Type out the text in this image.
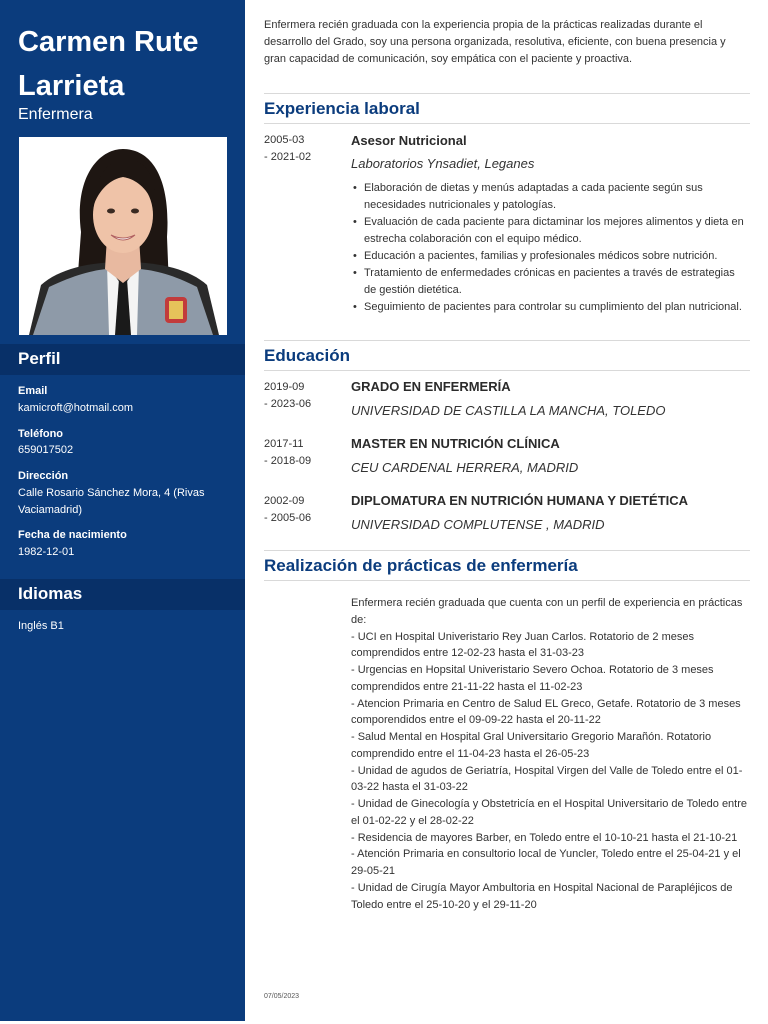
Carmen Rute Larrieta
Enfermera
Perfil
Email
kamicroft@hotmail.com
Teléfono
659017502
Dirección
Calle Rosario Sánchez Mora, 4 (Rivas Vaciamadrid)
Fecha de nacimiento
1982-12-01
Idiomas
Inglés B1
Enfermera recién graduada con la experiencia propia de la prácticas realizadas durante el desarrollo del Grado, soy una persona organizada, resolutiva, eficiente, con buena presencia y gran capacidad de comunicación, soy empática con el paciente y proactiva.
Experiencia laboral
2005-03
- 2021-02
Asesor Nutricional
Laboratorios Ynsadiet, Leganes
• Elaboración de dietas y menús adaptadas a cada paciente según sus necesidades nutricionales y patologías.
• Evaluación de cada paciente para dictaminar los mejores alimentos y dieta en estrecha colaboración con el equipo médico.
• Educación a pacientes, familias y profesionales médicos sobre nutrición.
• Tratamiento de enfermedades crónicas en pacientes a través de estrategias de gestión dietética.
• Seguimiento de pacientes para controlar su cumplimiento del plan nutricional.
Educación
2019-09
- 2023-06
GRADO EN ENFERMERÍA
UNIVERSIDAD DE CASTILLA LA MANCHA, TOLEDO
2017-11
- 2018-09
MASTER EN NUTRICIÓN CLÍNICA
CEU CARDENAL HERRERA, MADRID
2002-09
- 2005-06
DIPLOMATURA EN NUTRICIÓN HUMANA Y DIETÉTICA
UNIVERSIDAD COMPLUTENSE , MADRID
Realización de prácticas de enfermería
Enfermera recién graduada que cuenta con un perfil de experiencia en prácticas de:
- UCI en Hospital Univeristario Rey Juan Carlos. Rotatorio de 2 meses comprendidos entre 12-02-23 hasta el 31-03-23
- Urgencias en Hopsital Univeristario Severo Ochoa. Rotatorio de 3 meses comprendidos entre 21-11-22 hasta el 11-02-23
- Atencion Primaria en Centro de Salud EL Greco, Getafe. Rotatorio de 3 meses comporendidos entre el 09-09-22 hasta el 20-11-22
- Salud Mental en Hospital Gral Universitario Gregorio Marañón. Rotatorio comprendido entre el 11-04-23 hasta el 26-05-23
- Unidad de agudos de Geriatría, Hospital Virgen del Valle de Toledo entre el 01-03-22 hasta el 31-03-22
- Unidad de Ginecología y Obstetricía en el Hospital Universitario de Toledo entre el 01-02-22 y el 28-02-22
- Residencia de mayores Barber, en Toledo entre el 10-10-21 hasta el 21-10-21
- Atención Primaria en consultorio local de Yuncler, Toledo entre el 25-04-21 y el 29-05-21
- Unidad de Cirugía Mayor Ambultoria en Hospital Nacional de Parapléjicos de Toledo entre el 25-10-20 y el 29-11-20
07/05/2023
